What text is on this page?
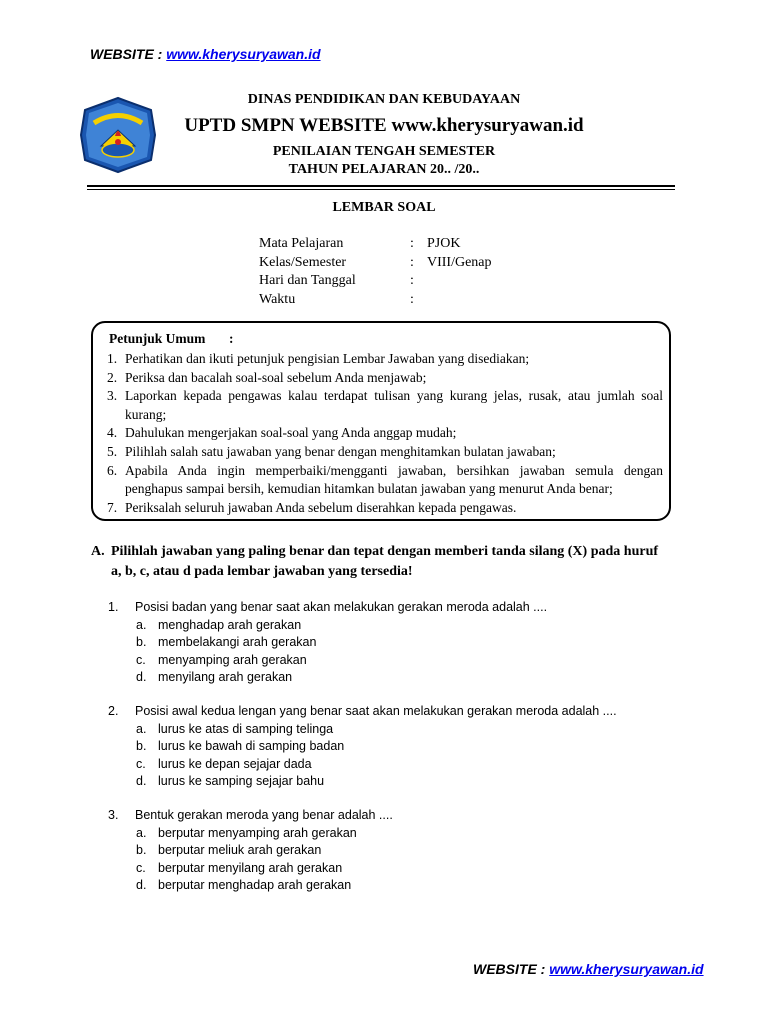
WEBSITE : www.kherysuryawan.id
DINAS PENDIDIKAN DAN KEBUDAYAAN
UPTD SMPN WEBSITE www.kherysuryawan.id
PENILAIAN TENGAH SEMESTER
TAHUN PELAJARAN 20.. /20..
LEMBAR SOAL
Mata Pelajaran	: PJOK
Kelas/Semester	: VIII/Genap
Hari dan Tanggal	:
Waktu	:
Petunjuk Umum :
1. Perhatikan dan ikuti petunjuk pengisian Lembar Jawaban yang disediakan;
2. Periksa dan bacalah soal-soal sebelum Anda menjawab;
3. Laporkan kepada pengawas kalau terdapat tulisan yang kurang jelas, rusak, atau jumlah soal kurang;
4. Dahulukan mengerjakan soal-soal yang Anda anggap mudah;
5. Pilihlah salah satu jawaban yang benar dengan menghitamkan bulatan jawaban;
6. Apabila Anda ingin memperbaiki/mengganti jawaban, bersihkan jawaban semula dengan penghapus sampai bersih, kemudian hitamkan bulatan jawaban yang menurut Anda benar;
7. Periksalah seluruh jawaban Anda sebelum diserahkan kepada pengawas.
A. Pilihlah jawaban yang paling benar dan tepat dengan memberi tanda silang (X) pada huruf a, b, c, atau d pada lembar jawaban yang tersedia!
1. Posisi badan yang benar saat akan melakukan gerakan meroda adalah ....
a. menghadap arah gerakan
b. membelakangi arah gerakan
c. menyamping arah gerakan
d. menyilang arah gerakan
2. Posisi awal kedua lengan yang benar saat akan melakukan gerakan meroda adalah ....
a. lurus ke atas di samping telinga
b. lurus ke bawah di samping badan
c. lurus ke depan sejajar dada
d. lurus ke samping sejajar bahu
3. Bentuk gerakan meroda yang benar adalah ....
a. berputar menyamping arah gerakan
b. berputar meliuk arah gerakan
c. berputar menyilang arah gerakan
d. berputar menghadap arah gerakan
WEBSITE : www.kherysuryawan.id
